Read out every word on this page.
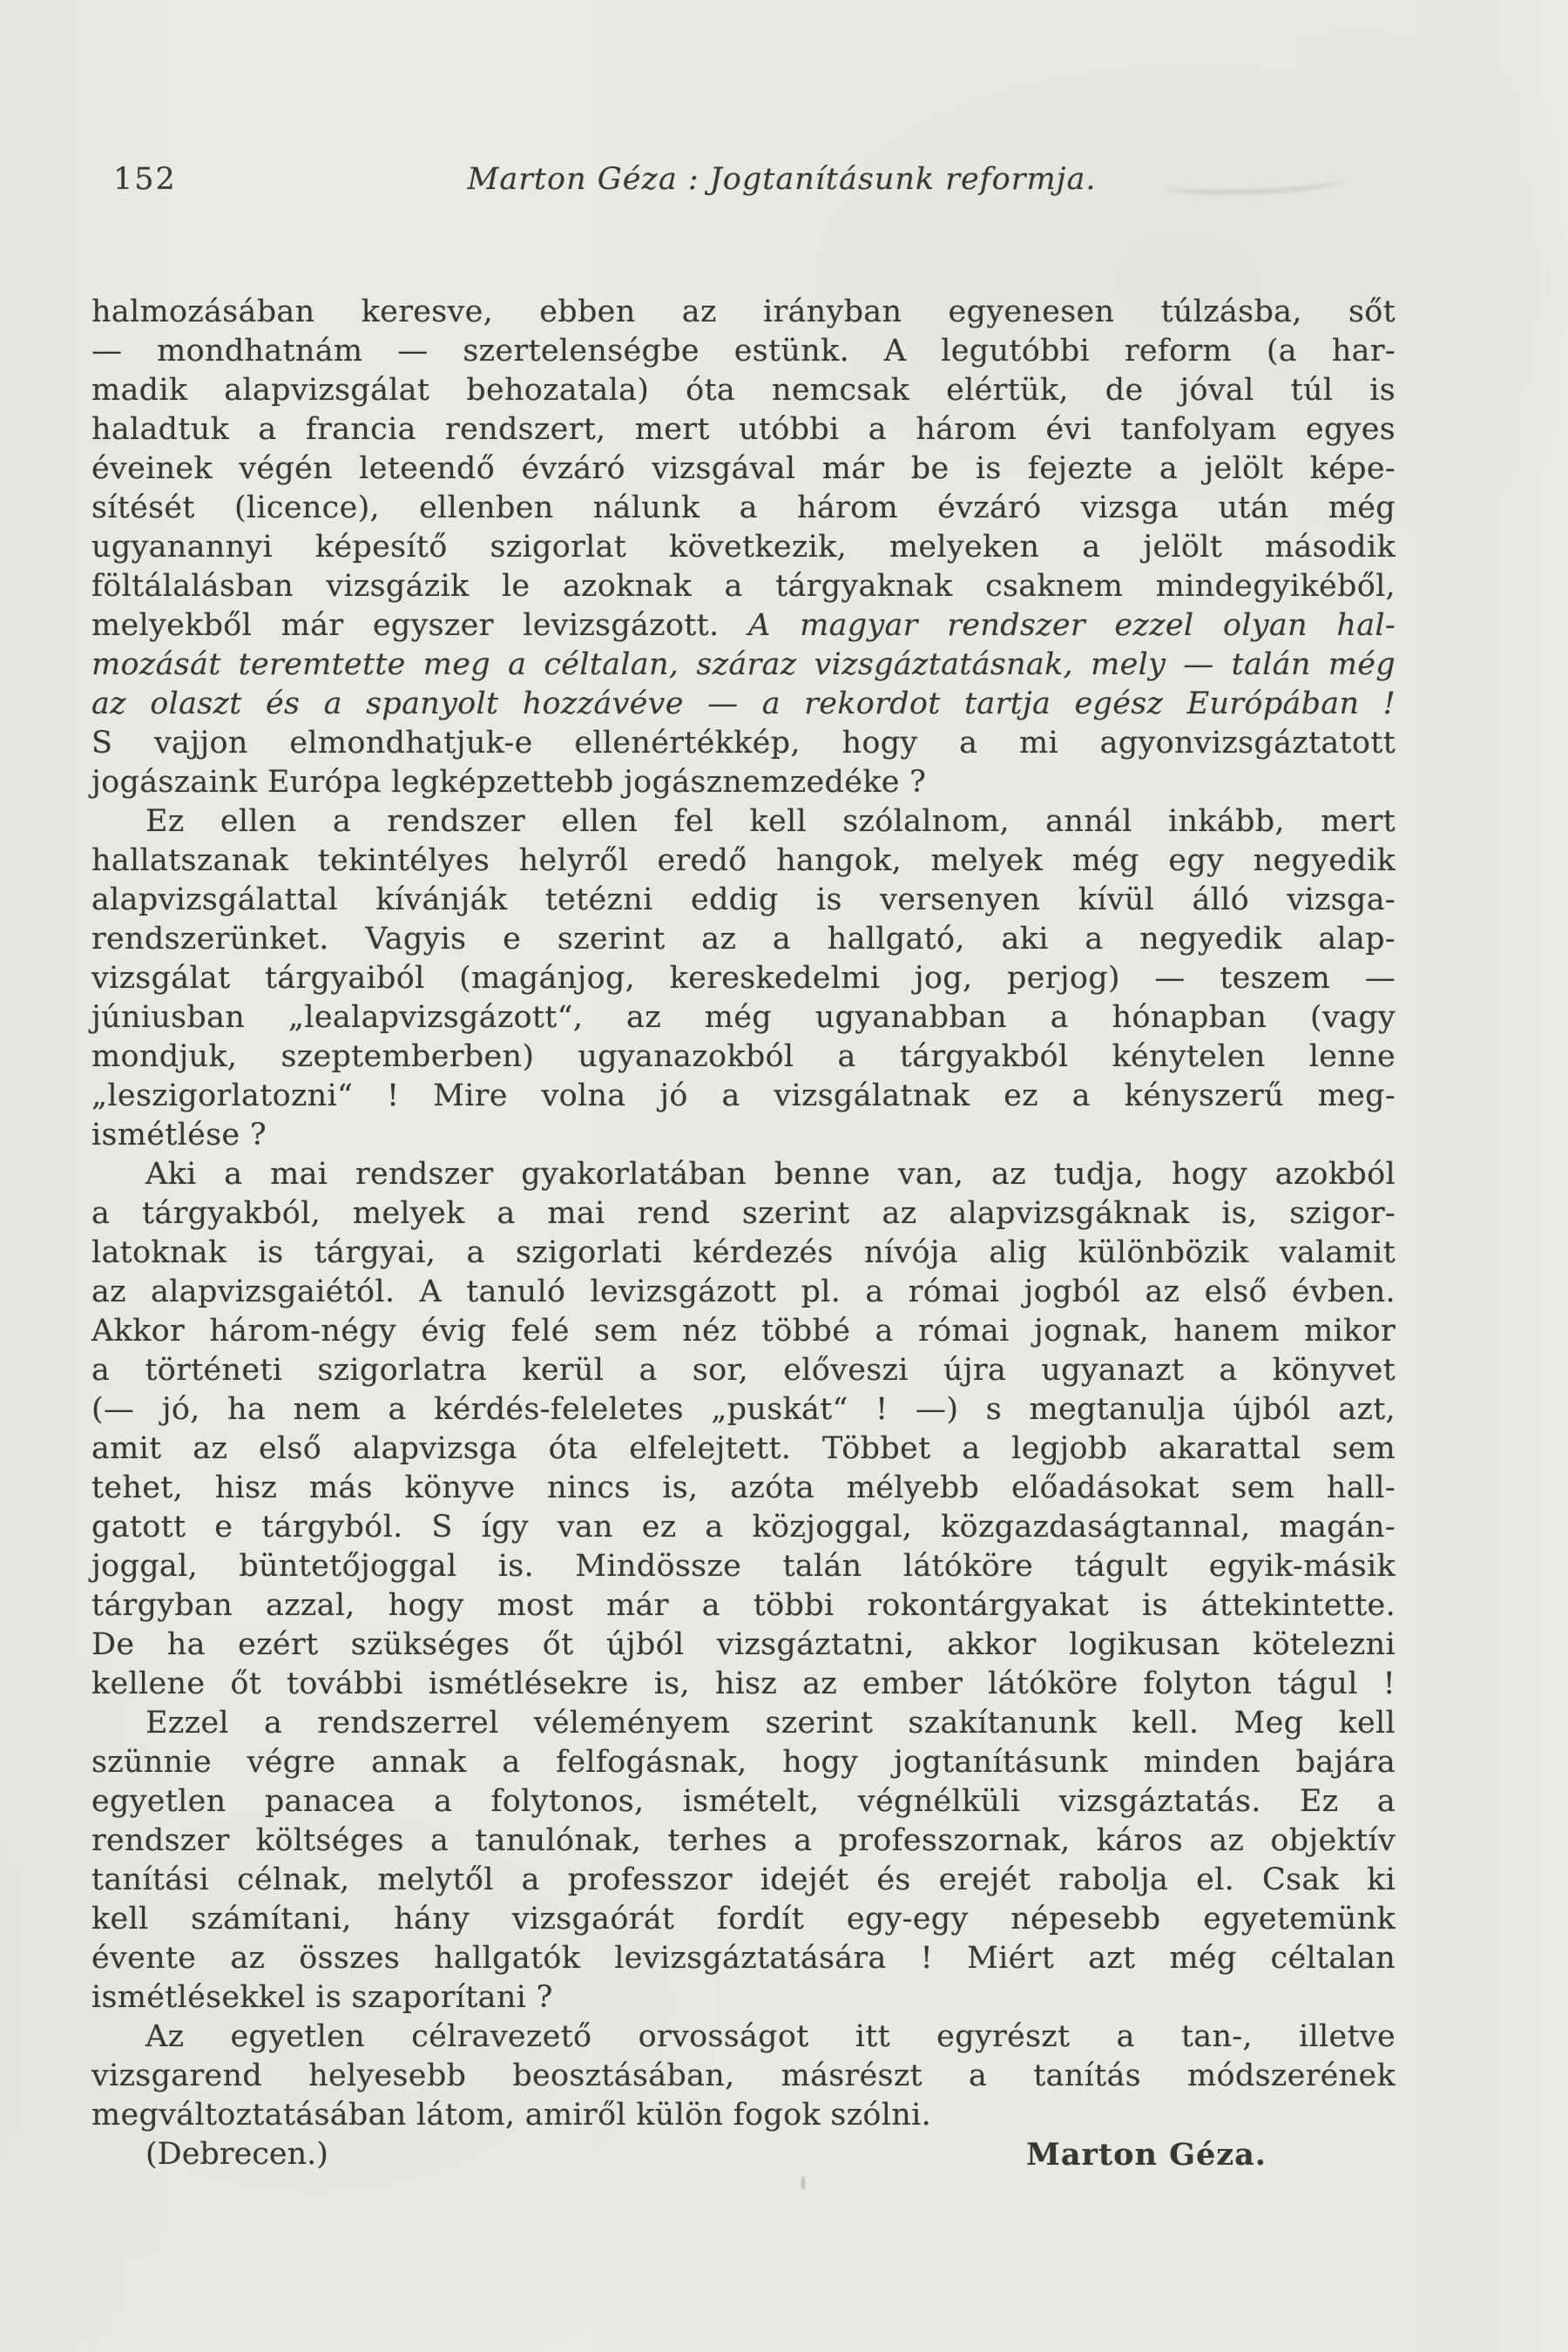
152	Marton Géza : Jogtanításunk reformja.
halmozásában keresve, ebben az irányban egyenesen túlzásba, sőt
— mondhatnám — szertelenségbe estünk. A legutóbbi reform (a har-
madik alapvizsgálat behozatala) óta nemcsak elértük, de jóval túl is
haladtuk a francia rendszert, mert utóbbi a három évi tanfolyam egyes
éveinek végén leteendő évzáró vizsgával már be is fejezte a jelölt képe-
sítését (licence), ellenben nálunk a három évzáró vizsga után még
ugyanannyi képesítő szigorlat következik, melyeken a jelölt második
föltálalásban vizsgázik le azoknak a tárgyaknak csaknem mindegyikéből,
melyekből már egyszer levizsgázott. A magyar rendszer ezzel olyan hal-
mozását teremtette meg a céltalan, száraz vizsgáztatásnak, mely — talán még
az olaszt és a spanyolt hozzávéve — a rekordot tartja egész Európában !
S vajjon elmondhatjuk-e ellenértékkép, hogy a mi agyonvizsgáztatott
jogászaink Európa legképzettebb jogásznemzedéke ?
Ez ellen a rendszer ellen fel kell szólalnom, annál inkább, mert
hallatszanak tekintélyes helyről eredő hangok, melyek még egy negyedik
alapvizsgálattal kívánják tetézni eddig is versenyen kívül álló vizsga-
rendszerünket. Vagyis e szerint az a hallgató, aki a negyedik alap-
vizsgálat tárgyaiból (magánjog, kereskedelmi jog, perjog) — teszem —
júniusban „lealapvizsgázott“, az még ugyanabban a hónapban (vagy
mondjuk, szeptemberben) ugyanazokból a tárgyakból kénytelen lenne
„leszigorlatozni“ ! Mire volna jó a vizsgálatnak ez a kényszerű meg-
ismétlése ?
Aki a mai rendszer gyakorlatában benne van, az tudja, hogy azokból
a tárgyakból, melyek a mai rend szerint az alapvizsgáknak is, szigor-
latoknak is tárgyai, a szigorlati kérdezés nívója alig különbözik valamit
az alapvizsgaiétól. A tanuló levizsgázott pl. a római jogból az első évben.
Akkor három-négy évig felé sem néz többé a római jognak, hanem mikor
a történeti szigorlatra kerül a sor, előveszi újra ugyanazt a könyvet
(— jó, ha nem a kérdés-feleletes „puskát“ ! —) s megtanulja újból azt,
amit az első alapvizsga óta elfelejtett. Többet a legjobb akarattal sem
tehet, hisz más könyve nincs is, azóta mélyebb előadásokat sem hall-
gatott e tárgyból. S így van ez a közjoggal, közgazdaságtannal, magán-
joggal, büntetőjoggal is. Mindössze talán látóköre tágult egyik-másik
tárgyban azzal, hogy most már a többi rokontárgyakat is áttekintette.
De ha ezért szükséges őt újból vizsgáztatni, akkor logikusan kötelezni
kellene őt további ismétlésekre is, hisz az ember látóköre folyton tágul !
Ezzel a rendszerrel véleményem szerint szakítanunk kell. Meg kell
szünnie végre annak a felfogásnak, hogy jogtanításunk minden bajára
egyetlen panacea a folytonos, ismételt, végnélküli vizsgáztatás. Ez a
rendszer költséges a tanulónak, terhes a professzornak, káros az objektív
tanítási célnak, melytől a professzor idejét és erejét rabolja el. Csak ki
kell számítani, hány vizsgaórát fordít egy-egy népesebb egyetemünk
évente az összes hallgatók levizsgáztatására ! Miért azt még céltalan
ismétlésekkel is szaporítani ?
Az egyetlen célravezető orvosságot itt egyrészt a tan-, illetve
vizsgarend helyesebb beosztásában, másrészt a tanítás módszerének
megváltoztatásában látom, amiről külön fogok szólni.
(Debrecen.)	Marton Géza.
